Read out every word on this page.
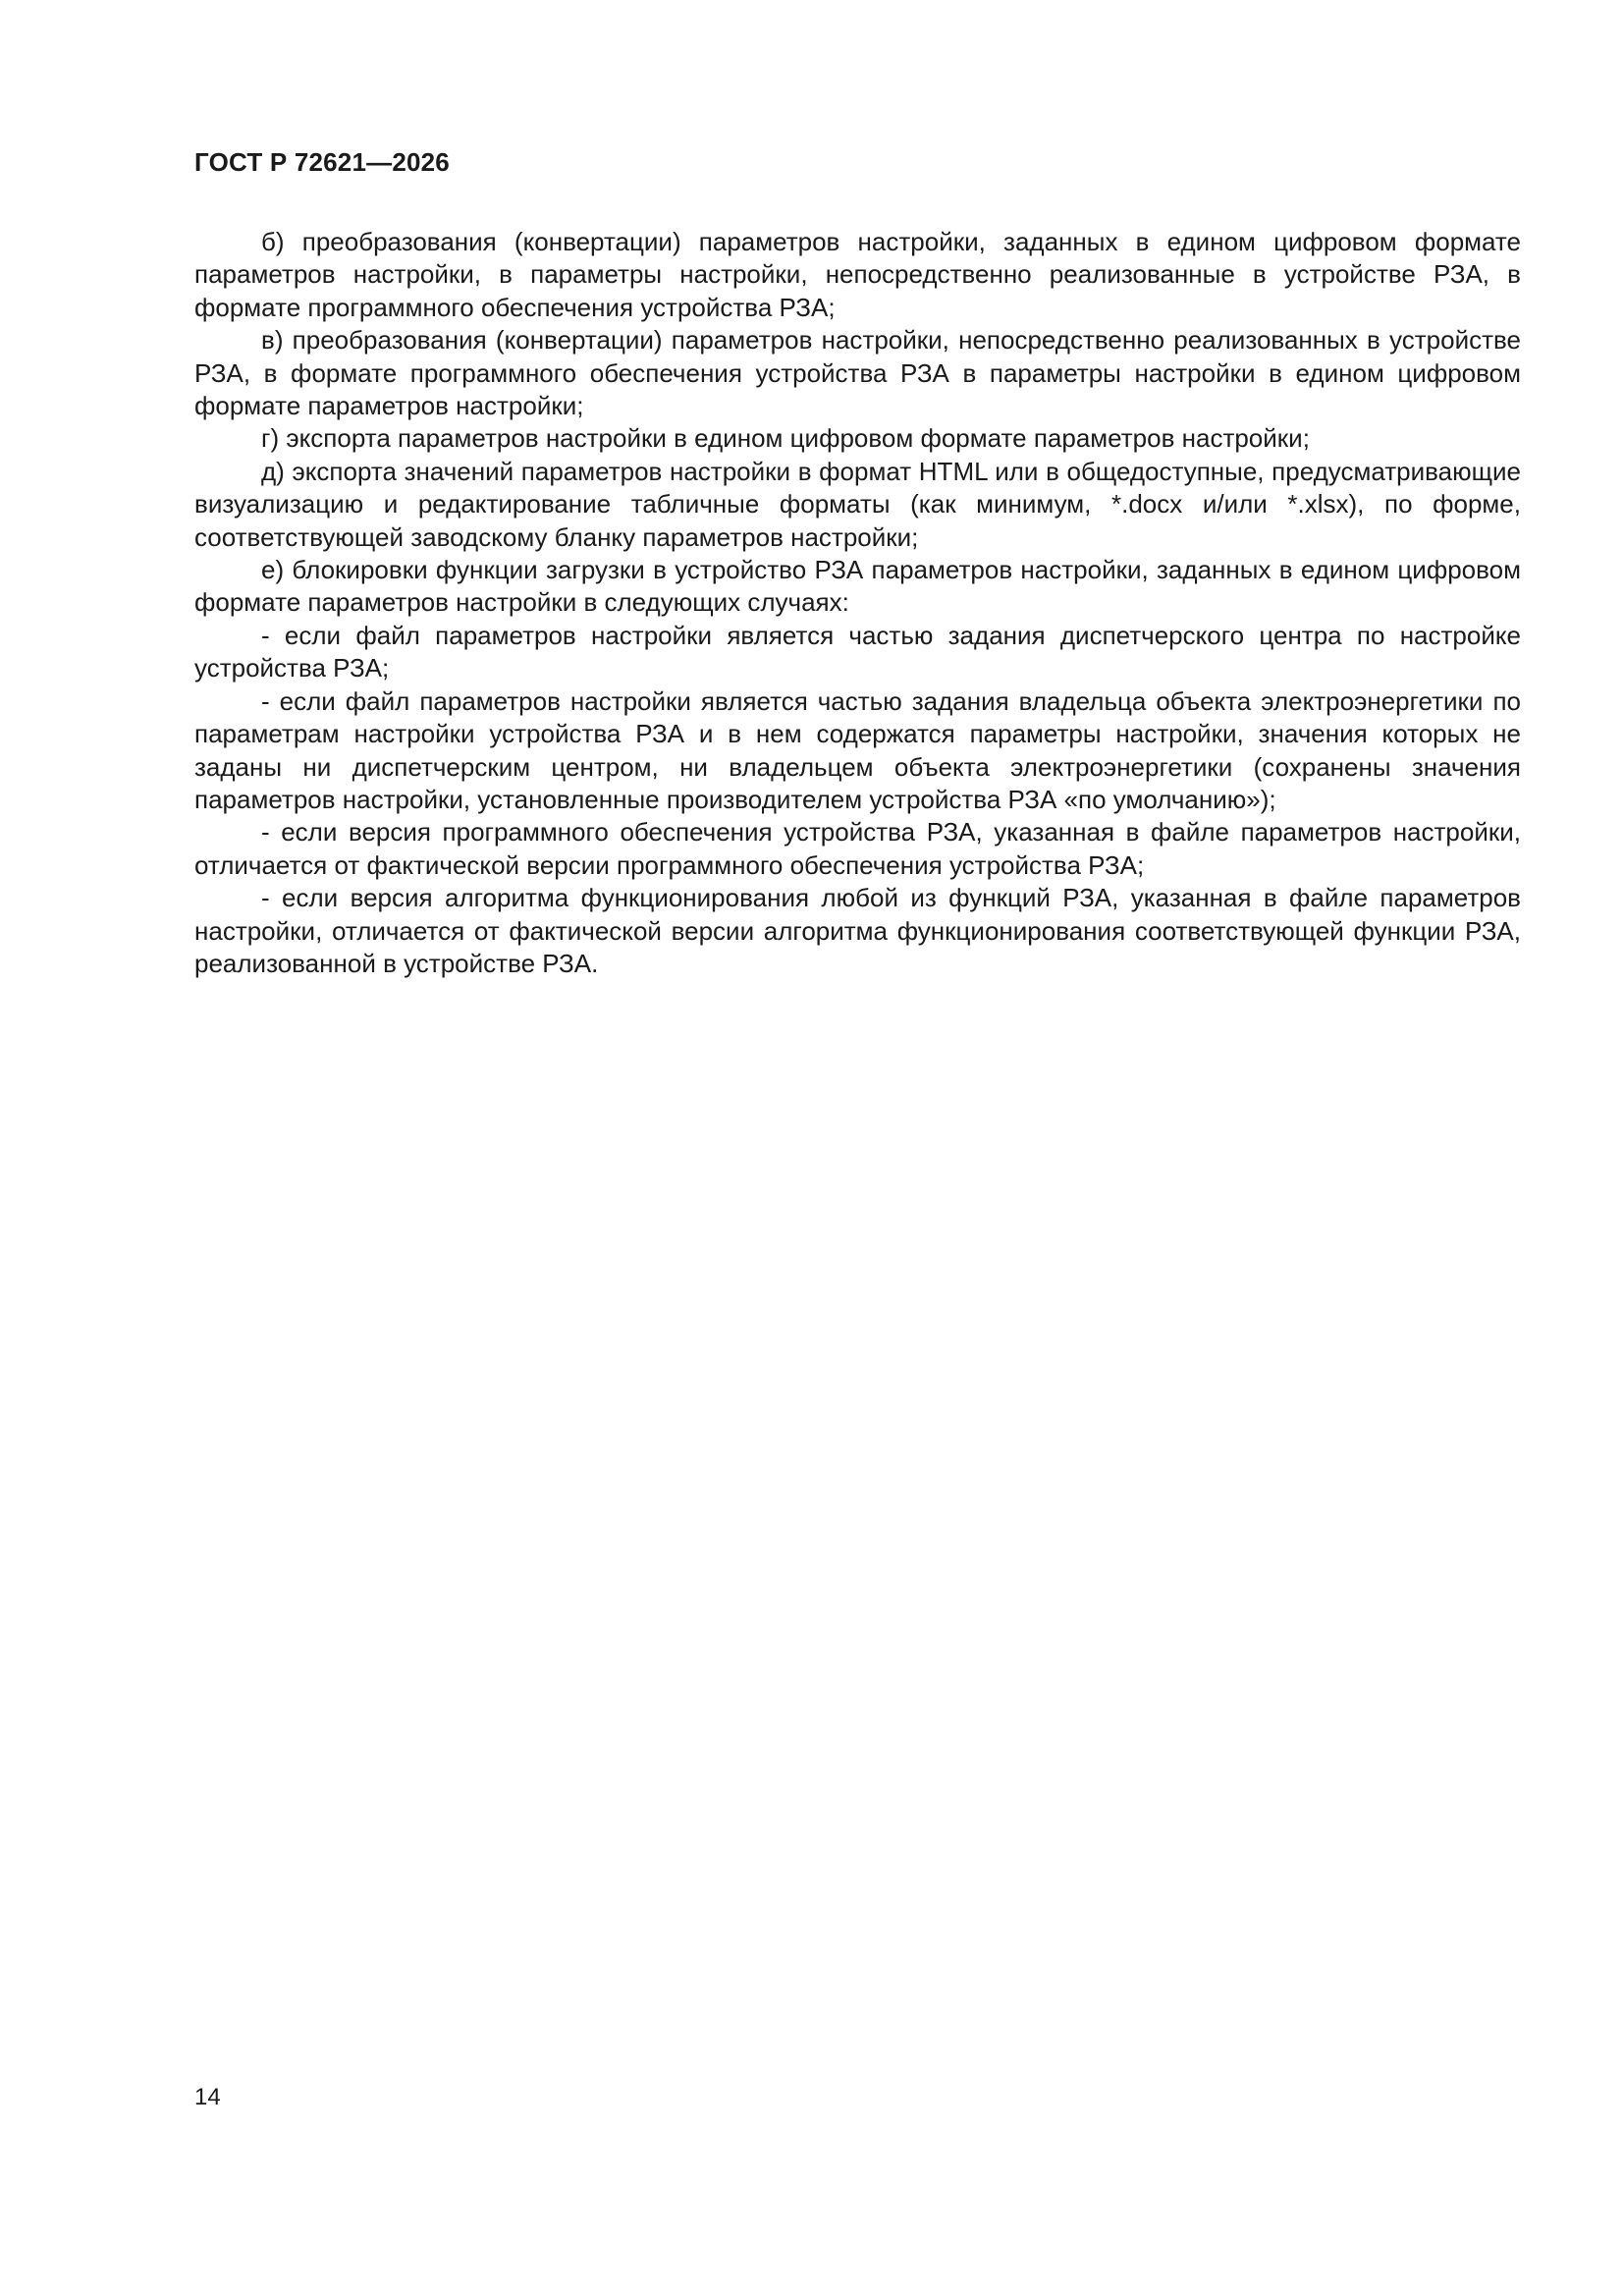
ГОСТ Р 72621—2026

б) преобразования (конвертации) параметров настройки, заданных в едином цифровом формате параметров настройки, в параметры настройки, непосредственно реализованные в устройстве РЗА, в формате программного обеспечения устройства РЗА;

в) преобразования (конвертации) параметров настройки, непосредственно реализованных в устройстве РЗА, в формате программного обеспечения устройства РЗА в параметры настройки в едином цифровом формате параметров настройки;

г) экспорта параметров настройки в едином цифровом формате параметров настройки;

д) экспорта значений параметров настройки в формат HTML или в общедоступные, предусматривающие визуализацию и редактирование табличные форматы (как минимум, *.docx и/или *.xlsx), по форме, соответствующей заводскому бланку параметров настройки;

е) блокировки функции загрузки в устройство РЗА параметров настройки, заданных в едином цифровом формате параметров настройки в следующих случаях:

- если файл параметров настройки является частью задания диспетчерского центра по настройке устройства РЗА;

- если файл параметров настройки является частью задания владельца объекта электроэнергетики по параметрам настройки устройства РЗА и в нем содержатся параметры настройки, значения которых не заданы ни диспетчерским центром, ни владельцем объекта электроэнергетики (сохранены значения параметров настройки, установленные производителем устройства РЗА «по умолчанию»);

- если версия программного обеспечения устройства РЗА, указанная в файле параметров настройки, отличается от фактической версии программного обеспечения устройства РЗА;

- если версия алгоритма функционирования любой из функций РЗА, указанная в файле параметров настройки, отличается от фактической версии алгоритма функционирования соответствующей функции РЗА, реализованной в устройстве РЗА.

14
